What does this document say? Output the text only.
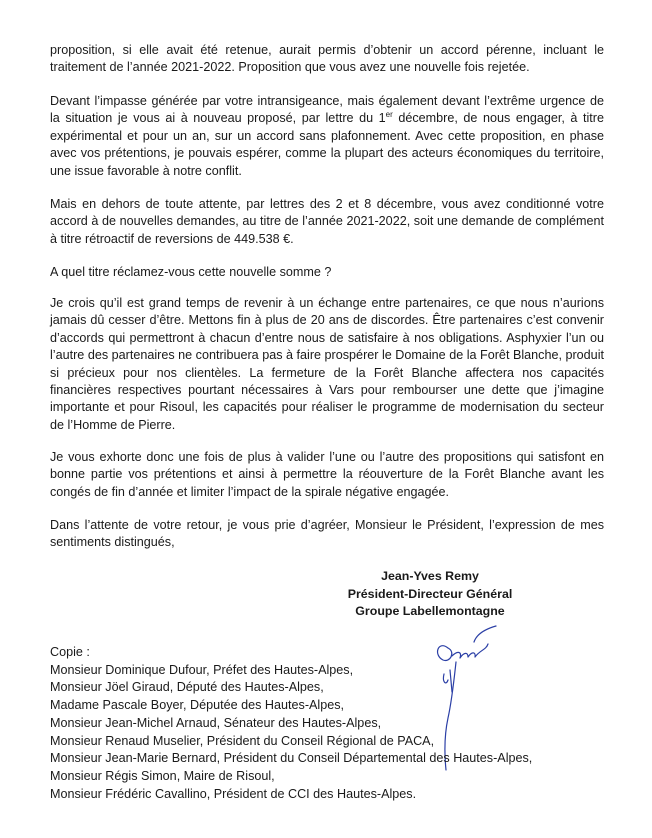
proposition, si elle avait été retenue, aurait permis d’obtenir un accord pérenne, incluant le traitement de l’année 2021-2022. Proposition que vous avez une nouvelle fois rejetée.

Devant l’impasse générée par votre intransigeance, mais également devant l’extrême urgence de la situation je vous ai à nouveau proposé, par lettre du 1er décembre, de nous engager, à titre expérimental et pour un an, sur un accord sans plafonnement. Avec cette proposition, en phase avec vos prétentions, je pouvais espérer, comme la plupart des acteurs économiques du territoire, une issue favorable à notre conflit.

Mais en dehors de toute attente, par lettres des 2 et 8 décembre, vous avez conditionné votre accord à de nouvelles demandes, au titre de l’année 2021-2022, soit une demande de complément à titre rétroactif de reversions de 449.538 €.

A quel titre réclamez-vous cette nouvelle somme ?

Je crois qu’il est grand temps de revenir à un échange entre partenaires, ce que nous n’aurions jamais dû cesser d’être. Mettons fin à plus de 20 ans de discordes. Être partenaires c’est convenir d’accords qui permettront à chacun d’entre nous de satisfaire à nos obligations. Asphyxier l’un ou l’autre des partenaires ne contribuera pas à faire prospérer le Domaine de la Forêt Blanche, produit si précieux pour nos clientèles. La fermeture de la Forêt Blanche affectera nos capacités financières respectives pourtant nécessaires à Vars pour rembourser une dette que j’imagine importante et pour Risoul, les capacités pour réaliser le programme de modernisation du secteur de l’Homme de Pierre.

Je vous exhorte donc une fois de plus à valider l’une ou l’autre des propositions qui satisfont en bonne partie vos prétentions et ainsi à permettre la réouverture de la Forêt Blanche avant les congés de fin d’année et limiter l’impact de la spirale négative engagée.

Dans l’attente de votre retour, je vous prie d’agréer, Monsieur le Président, l’expression de mes sentiments distingués,

Jean-Yves Remy
Président-Directeur Général
Groupe Labellemontagne
Copie :
Monsieur Dominique Dufour, Préfet des Hautes-Alpes,
Monsieur Jöel Giraud, Député des Hautes-Alpes,
Madame Pascale Boyer, Députée des Hautes-Alpes,
Monsieur Jean-Michel Arnaud, Sénateur des Hautes-Alpes,
Monsieur Renaud Muselier, Président du Conseil Régional de PACA,
Monsieur Jean-Marie Bernard, Président du Conseil Départemental des Hautes-Alpes,
Monsieur Régis Simon, Maire de Risoul,
Monsieur Frédéric Cavallino, Président de CCI des Hautes-Alpes.
